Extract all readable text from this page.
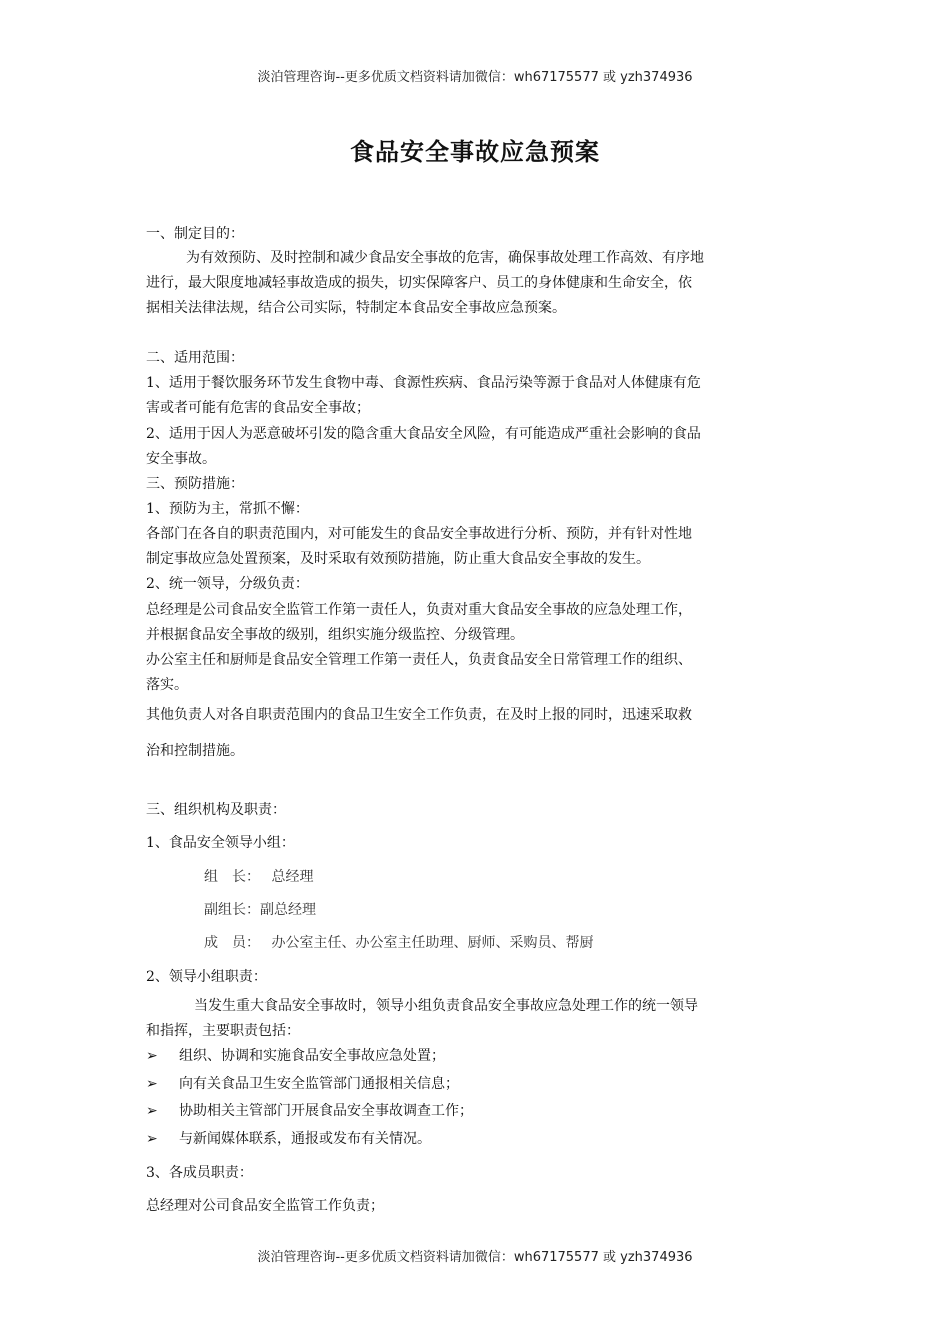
淡泊管理咨询--更多优质文档资料请加微信：wh67175577 或 yzh374936
食品安全事故应急预案
一、制定目的：
为有效预防、及时控制和减少食品安全事故的危害，确保事故处理工作高效、有序地
进行，最大限度地减轻事故造成的损失，切实保障客户、员工的身体健康和生命安全，依
据相关法律法规，结合公司实际，特制定本食品安全事故应急预案。
二、适用范围：
1、适用于餐饮服务环节发生食物中毒、食源性疾病、食品污染等源于食品对人体健康有危
害或者可能有危害的食品安全事故；
2、适用于因人为恶意破坏引发的隐含重大食品安全风险，有可能造成严重社会影响的食品
安全事故。
三、预防措施：
1、预防为主，常抓不懈：
各部门在各自的职责范围内，对可能发生的食品安全事故进行分析、预防，并有针对性地
制定事故应急处置预案，及时采取有效预防措施，防止重大食品安全事故的发生。
2、统一领导，分级负责：
总经理是公司食品安全监管工作第一责任人，负责对重大食品安全事故的应急处理工作，
并根据食品安全事故的级别，组织实施分级监控、分级管理。
办公室主任和厨师是食品安全管理工作第一责任人，负责食品安全日常管理工作的组织、
落实。
其他负责人对各自职责范围内的食品卫生安全工作负责，在及时上报的同时，迅速采取救
治和控制措施。
三、组织机构及职责：
1、食品安全领导小组：
组　长：　 总经理
副组长：副总经理
成　员：　 办公室主任、办公室主任助理、厨师、采购员、帮厨
2、领导小组职责：
当发生重大食品安全事故时，领导小组负责食品安全事故应急处理工作的统一领导
和指挥，主要职责包括：
➢ 组织、协调和实施食品安全事故应急处置；
➢ 向有关食品卫生安全监管部门通报相关信息；
➢ 协助相关主管部门开展食品安全事故调查工作；
➢ 与新闻媒体联系，通报或发布有关情况。
3、各成员职责：
总经理对公司食品安全监管工作负责；
淡泊管理咨询--更多优质文档资料请加微信：wh67175577 或 yzh374936
